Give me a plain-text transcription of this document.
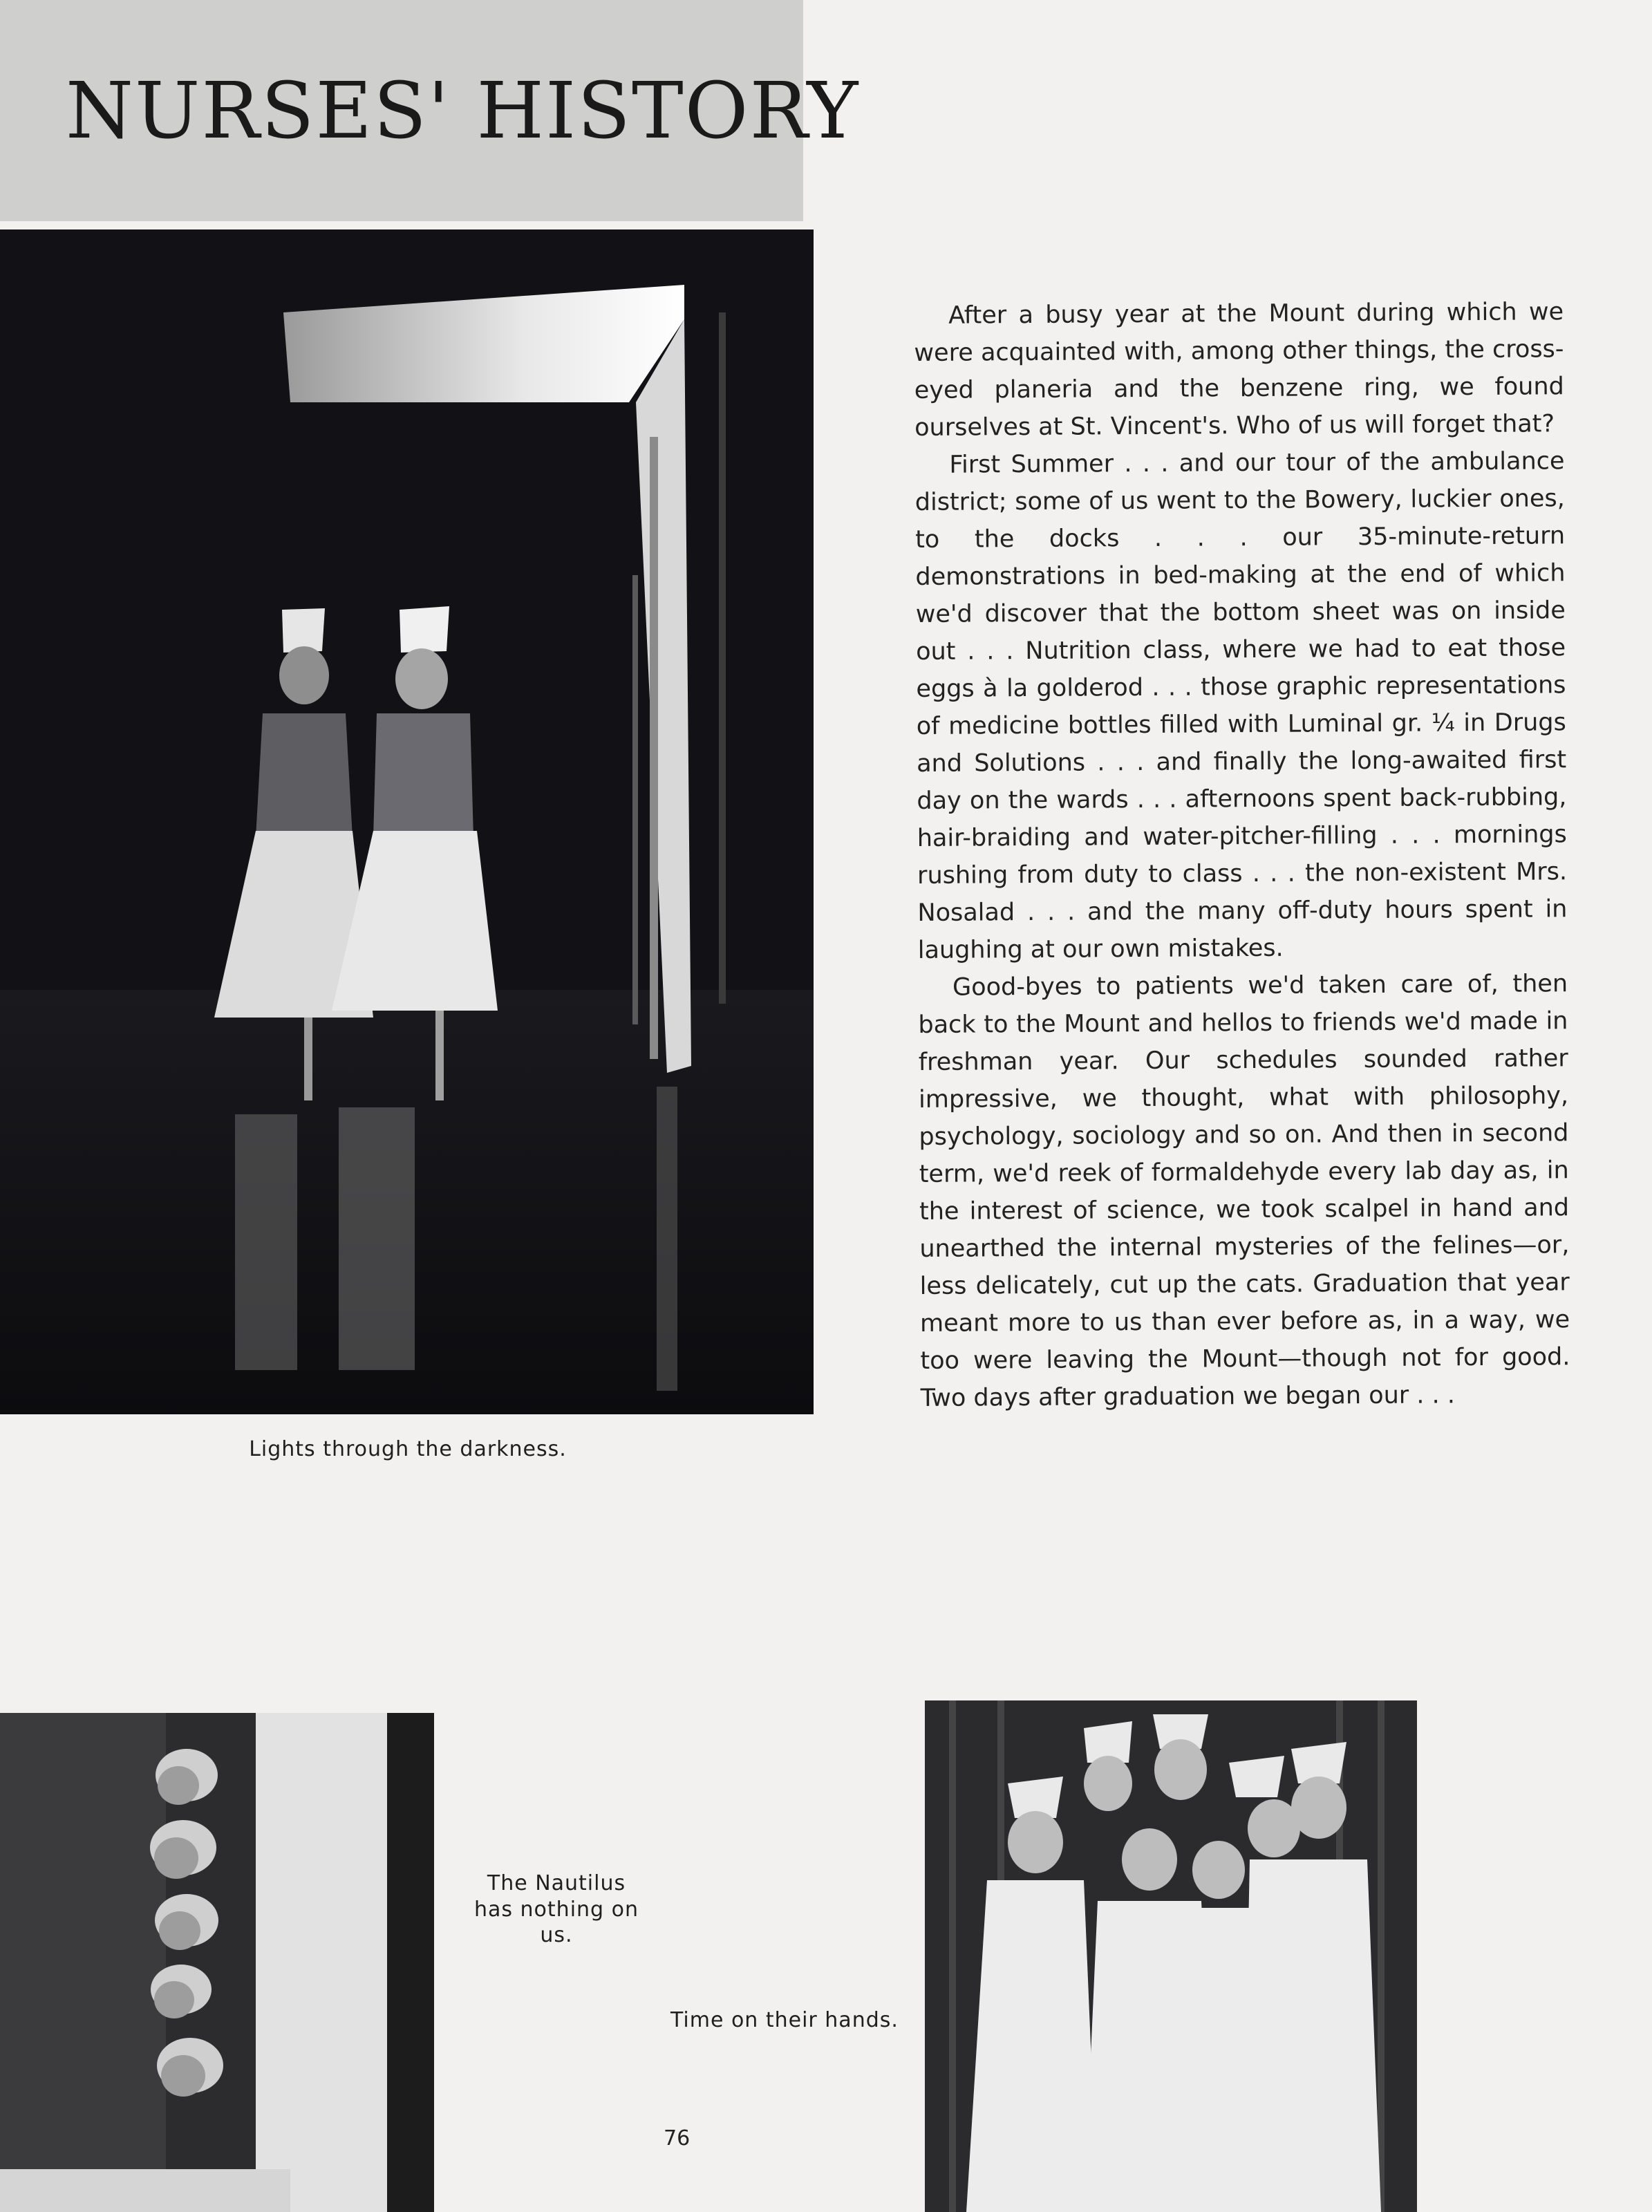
NURSES' HISTORY
Lights through the darkness.

After a busy year at the Mount during which we were acquainted with, among other things, the cross-eyed planeria and the benzene ring, we found ourselves at St. Vincent's. Who of us will forget that?

First Summer . . . and our tour of the ambulance district; some of us went to the Bowery, luckier ones, to the docks . . . our 35-minute-return demonstrations in bed-making at the end of which we'd discover that the bottom sheet was on inside out . . . Nutrition class, where we had to eat those eggs à la golderod . . . those graphic representations of medicine bottles filled with Luminal gr. ¼ in Drugs and Solutions . . . and finally the long-awaited first day on the wards . . . afternoons spent back-rubbing, hair-braiding and water-pitcher-filling . . . mornings rushing from duty to class . . . the non-existent Mrs. Nosalad . . . and the many off-duty hours spent in laughing at our own mistakes.

Good-byes to patients we'd taken care of, then back to the Mount and hellos to friends we'd made in freshman year. Our schedules sounded rather impressive, we thought, what with philosophy, psychology, sociology and so on. And then in second term, we'd reek of formaldehyde every lab day as, in the interest of science, we took scalpel in hand and unearthed the internal mysteries of the felines—or, less delicately, cut up the cats. Graduation that year meant more to us than ever before as, in a way, we too were leaving the Mount—though not for good. Two days after graduation we began our . . .

The Nautilus has nothing on us.
Time on their hands.
76
